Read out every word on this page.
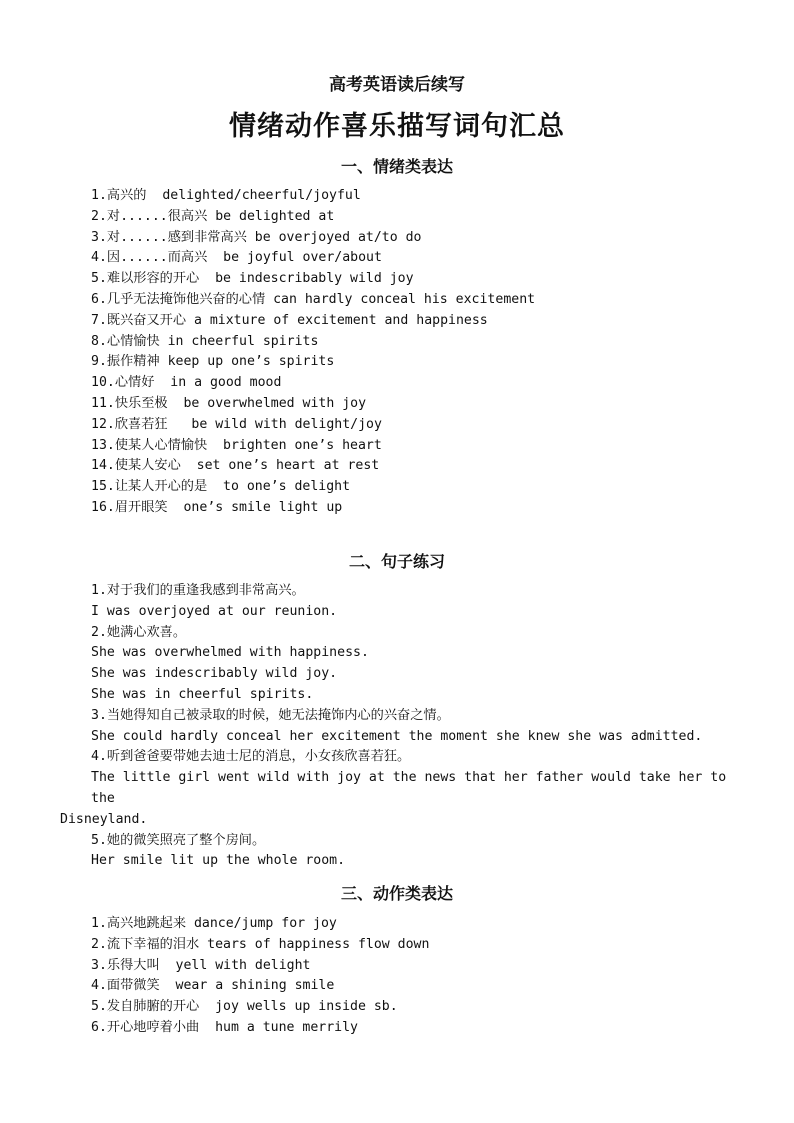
高考英语读后续写
情绪动作喜乐描写词句汇总
一、情绪类表达
1.高兴的  delighted/cheerful/joyful
2.对......很高兴 be delighted at
3.对......感到非常高兴 be overjoyed at/to do
4.因......而高兴  be joyful over/about
5.难以形容的开心  be indescribably wild joy
6.几乎无法掩饰他兴奋的心情 can hardly conceal his excitement
7.既兴奋又开心 a mixture of excitement and happiness
8.心情愉快 in cheerful spirits
9.振作精神 keep up one’s spirits
10.心情好  in a good mood
11.快乐至极  be overwhelmed with joy
12.欣喜若狂   be wild with delight/joy
13.使某人心情愉快  brighten one’s heart
14.使某人安心  set one’s heart at rest
15.让某人开心的是  to one’s delight
16.眉开眼笑  one’s smile light up
二、句子练习

1.对于我们的重逢我感到非常高兴。

I was overjoyed at our reunion.

2.她满心欢喜。

She was overwhelmed with happiness.

She was indescribably wild joy.

She was in cheerful spirits.

3.当她得知自己被录取的时候，她无法掩饰内心的兴奋之情。

She could hardly conceal her excitement the moment she knew she was admitted.

4.听到爸爸要带她去迪士尼的消息，小女孩欣喜若狂。

The little girl went wild with joy at the news that her father would take her to the

Disneyland.

5.她的微笑照亮了整个房间。

Her smile lit up the whole room.

三、动作类表达
1.高兴地跳起来 dance/jump for joy
2.流下幸福的泪水 tears of happiness flow down
3.乐得大叫  yell with delight
4.面带微笑  wear a shining smile
5.发自肺腑的开心  joy wells up inside sb.
6.开心地哼着小曲  hum a tune merrily
